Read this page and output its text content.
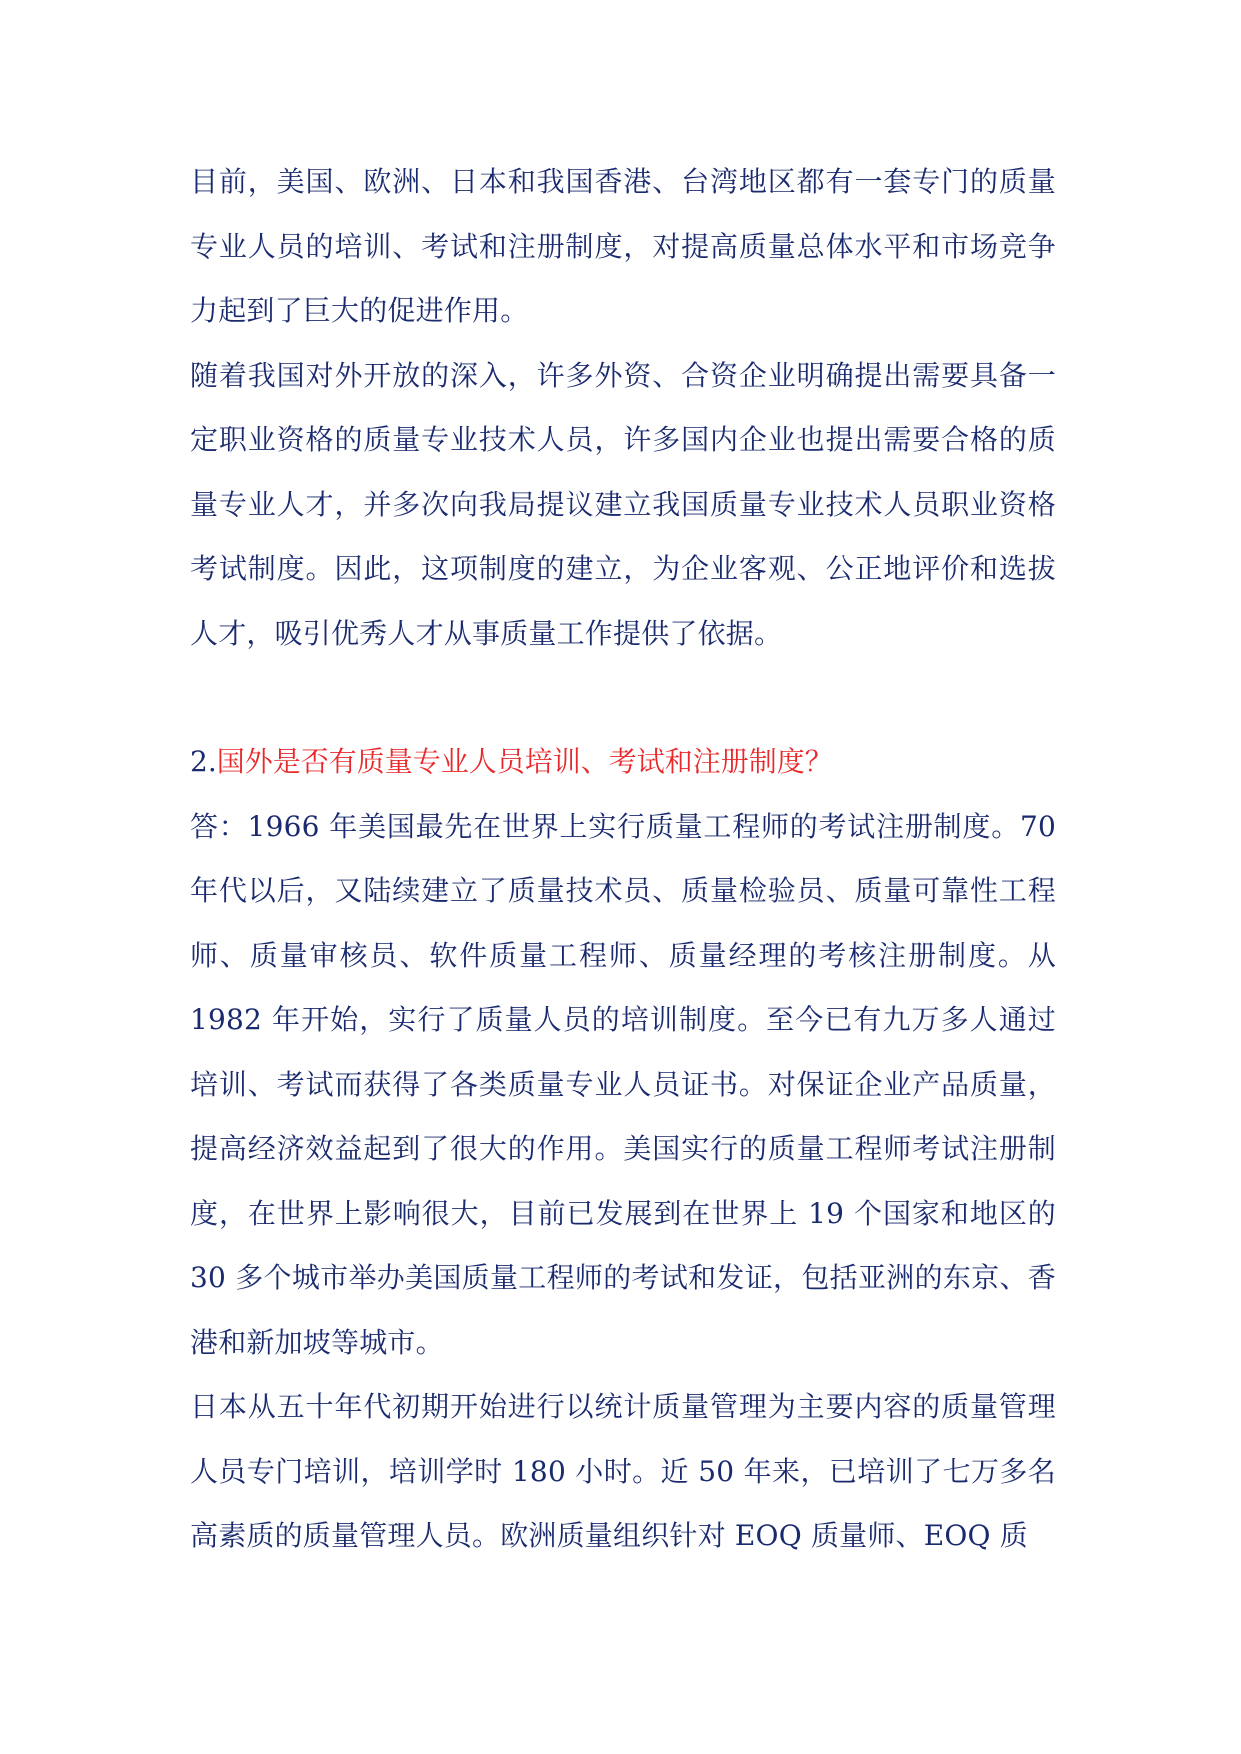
目前，美国、欧洲、日本和我国香港、台湾地区都有一套专门的质量专业人员的培训、考试和注册制度，对提高质量总体水平和市场竞争力起到了巨大的促进作用。

随着我国对外开放的深入，许多外资、合资企业明确提出需要具备一定职业资格的质量专业技术人员，许多国内企业也提出需要合格的质量专业人才，并多次向我局提议建立我国质量专业技术人员职业资格考试制度。因此，这项制度的建立，为企业客观、公正地评价和选拔人才，吸引优秀人才从事质量工作提供了依据。

2.国外是否有质量专业人员培训、考试和注册制度？

答：1966 年美国最先在世界上实行质量工程师的考试注册制度。70 年代以后，又陆续建立了质量技术员、质量检验员、质量可靠性工程师、质量审核员、软件质量工程师、质量经理的考核注册制度。从 1982 年开始，实行了质量人员的培训制度。至今已有九万多人通过培训、考试而获得了各类质量专业人员证书。对保证企业产品质量，提高经济效益起到了很大的作用。美国实行的质量工程师考试注册制度，在世界上影响很大，目前已发展到在世界上 19 个国家和地区的 30 多个城市举办美国质量工程师的考试和发证，包括亚洲的东京、香港和新加坡等城市。

日本从五十年代初期开始进行以统计质量管理为主要内容的质量管理人员专门培训，培训学时 180 小时。近 50 年来，已培训了七万多名高素质的质量管理人员。欧洲质量组织针对 EOQ 质量师、EOQ 质
